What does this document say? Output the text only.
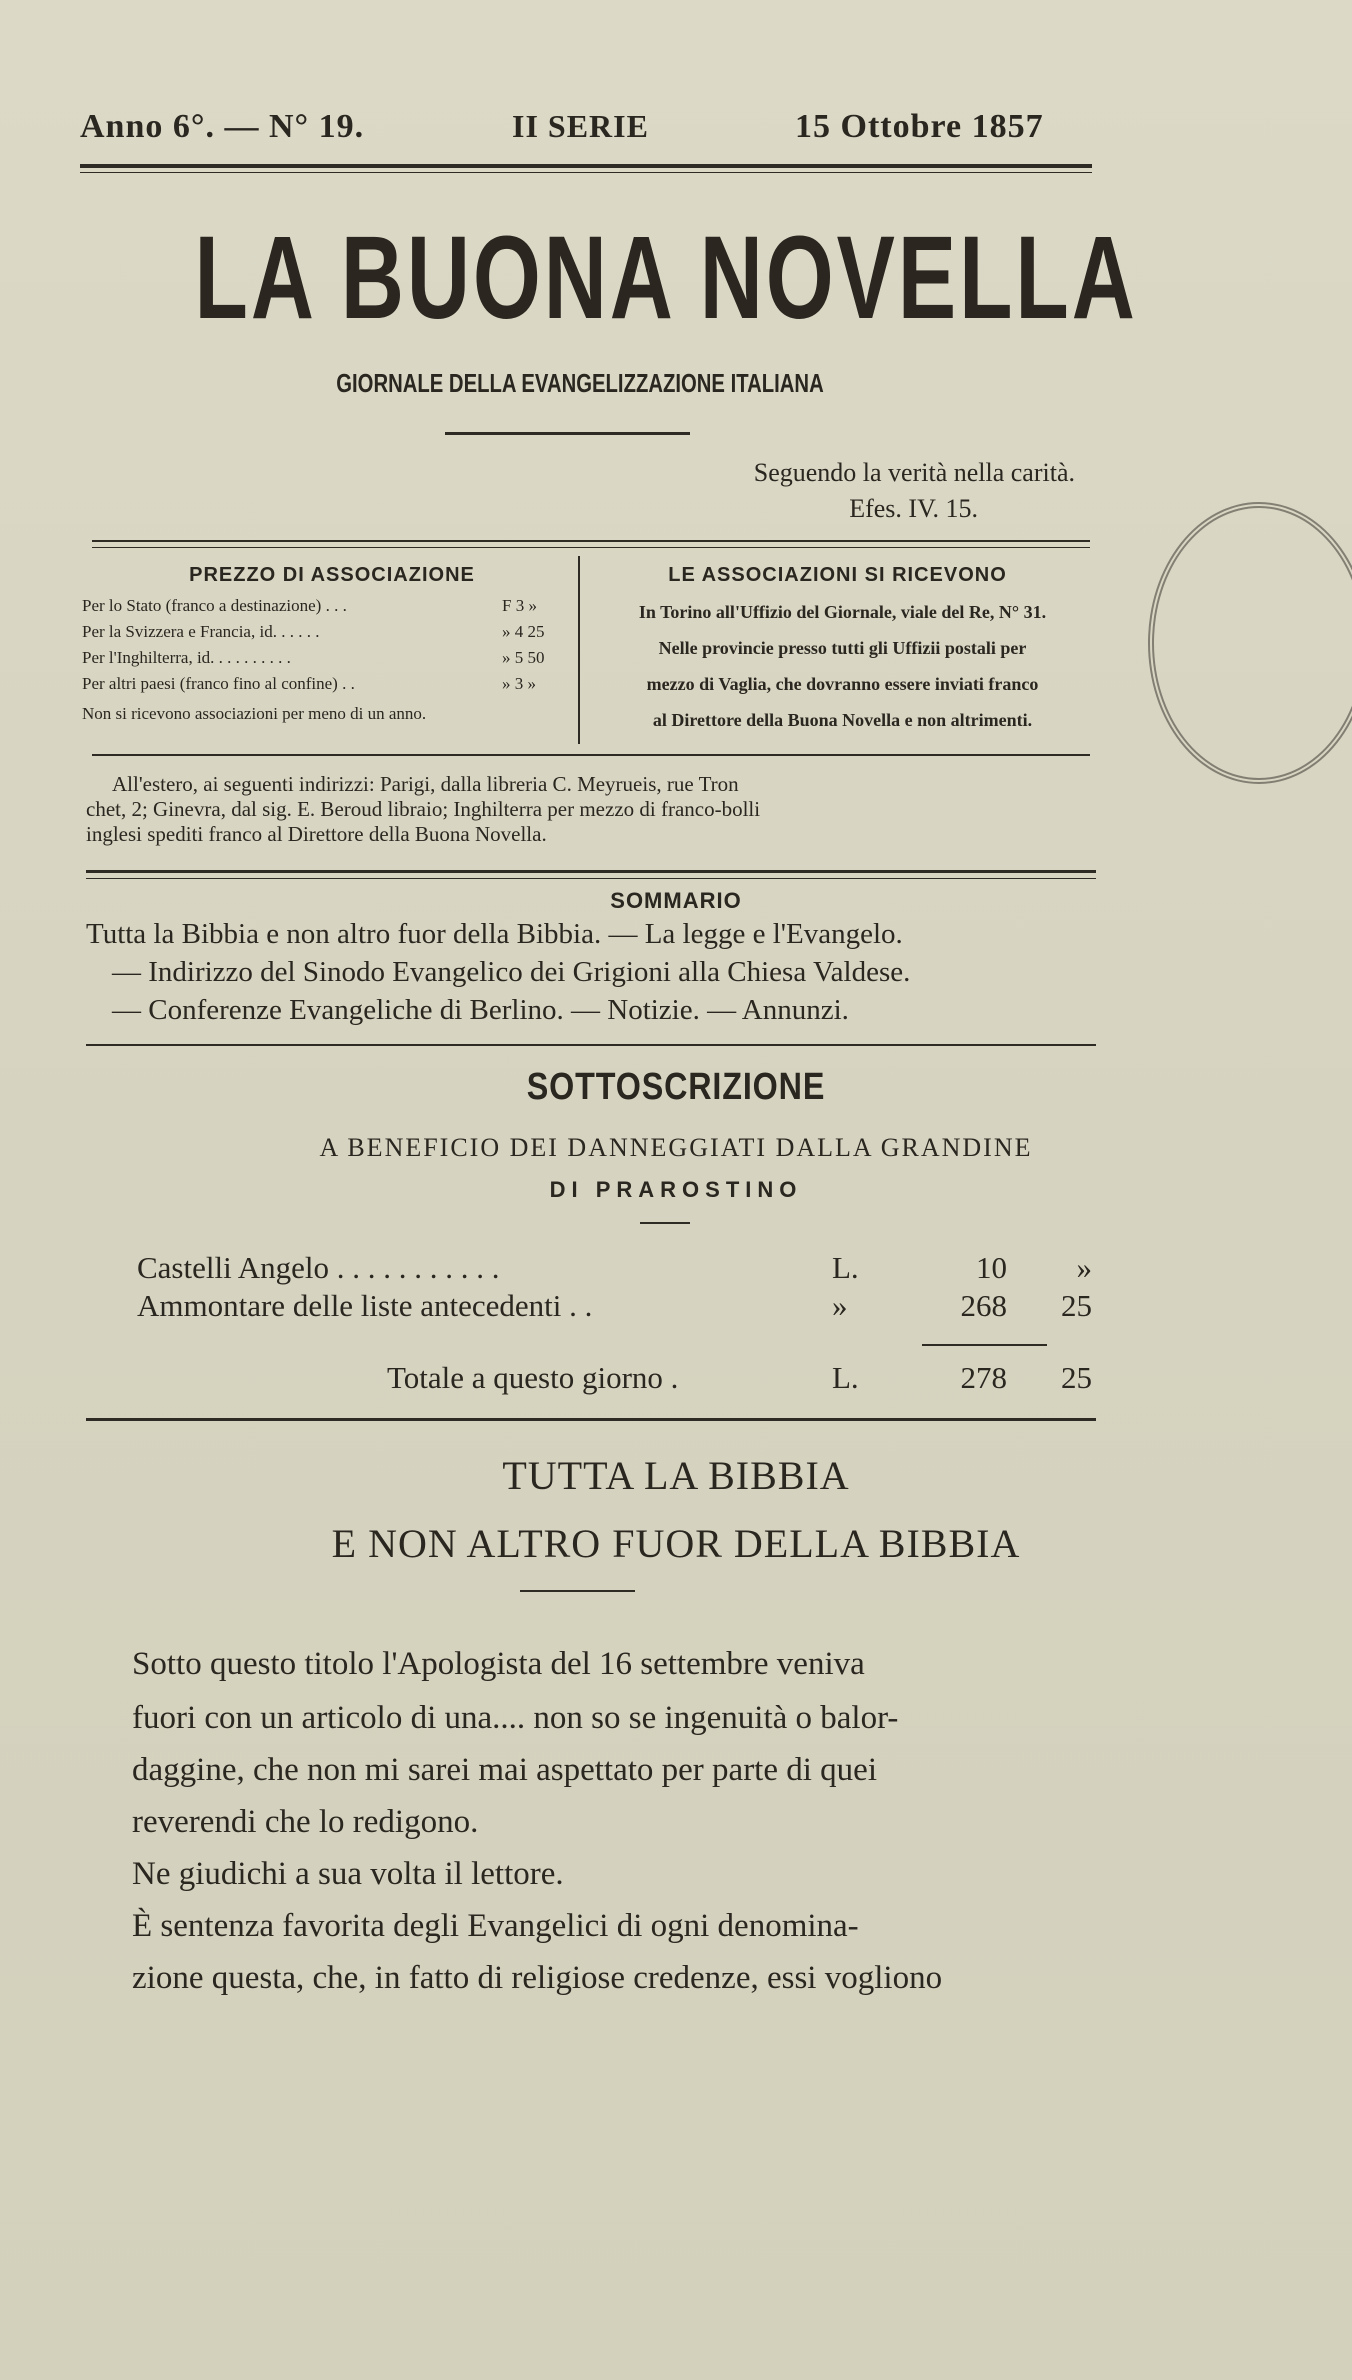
Anno 6°. — N° 19.	II SERIE	15 Ottobre 1857
LA BUONA NOVELLA
GIORNALE DELLA EVANGELIZZAZIONE ITALIANA
Seguendo la verità nella carità.
Efes. IV. 15.
PREZZO DI ASSOCIAZIONE
Per lo Stato (franco a destinazione) . . .	F 3 »
Per la Svizzera e Francia, id. . . . . .	» 4 25
Per l'Inghilterra, id. . . . . . . . . .	» 5 50
Per altri paesi (franco fino al confine) . .	» 3 »
Non si ricevono associazioni per meno di un anno.
LE ASSOCIAZIONI SI RICEVONO
In Torino all'Uffizio del Giornale, viale del Re, N° 31.
Nelle provincie presso tutti gli Uffizii postali per
mezzo di Vaglia, che dovranno essere inviati franco
al Direttore della Buona Novella e non altrimenti.
All'estero, ai seguenti indirizzi: Parigi, dalla libreria C. Meyrueis, rue Tron
chet, 2; Ginevra, dal sig. E. Beroud libraio; Inghilterra per mezzo di franco-bolli
inglesi spediti franco al Direttore della Buona Novella.
SOMMARIO
Tutta la Bibbia e non altro fuor della Bibbia. — La legge e l'Evangelo.
— Indirizzo del Sinodo Evangelico dei Grigioni alla Chiesa Valdese.
— Conferenze Evangeliche di Berlino. — Notizie. — Annunzi.
SOTTOSCRIZIONE
A BENEFICIO DEI DANNEGGIATI DALLA GRANDINE
DI PRAROSTINO
Castelli Angelo . . . . . . . . . . .	L.	10	»
Ammontare delle liste antecedenti . .	»	268	25
Totale a questo giorno .	L.	278	25
TUTTA LA BIBBIA
E NON ALTRO FUOR DELLA BIBBIA
Sotto questo titolo l'Apologista del 16 settembre veniva
fuori con un articolo di una.... non so se ingenuità o balor-
daggine, che non mi sarei mai aspettato per parte di quei
reverendi che lo redigono.
Ne giudichi a sua volta il lettore.
È sentenza favorita degli Evangelici di ogni denomina-
zione questa, che, in fatto di religiose credenze, essi vogliono
